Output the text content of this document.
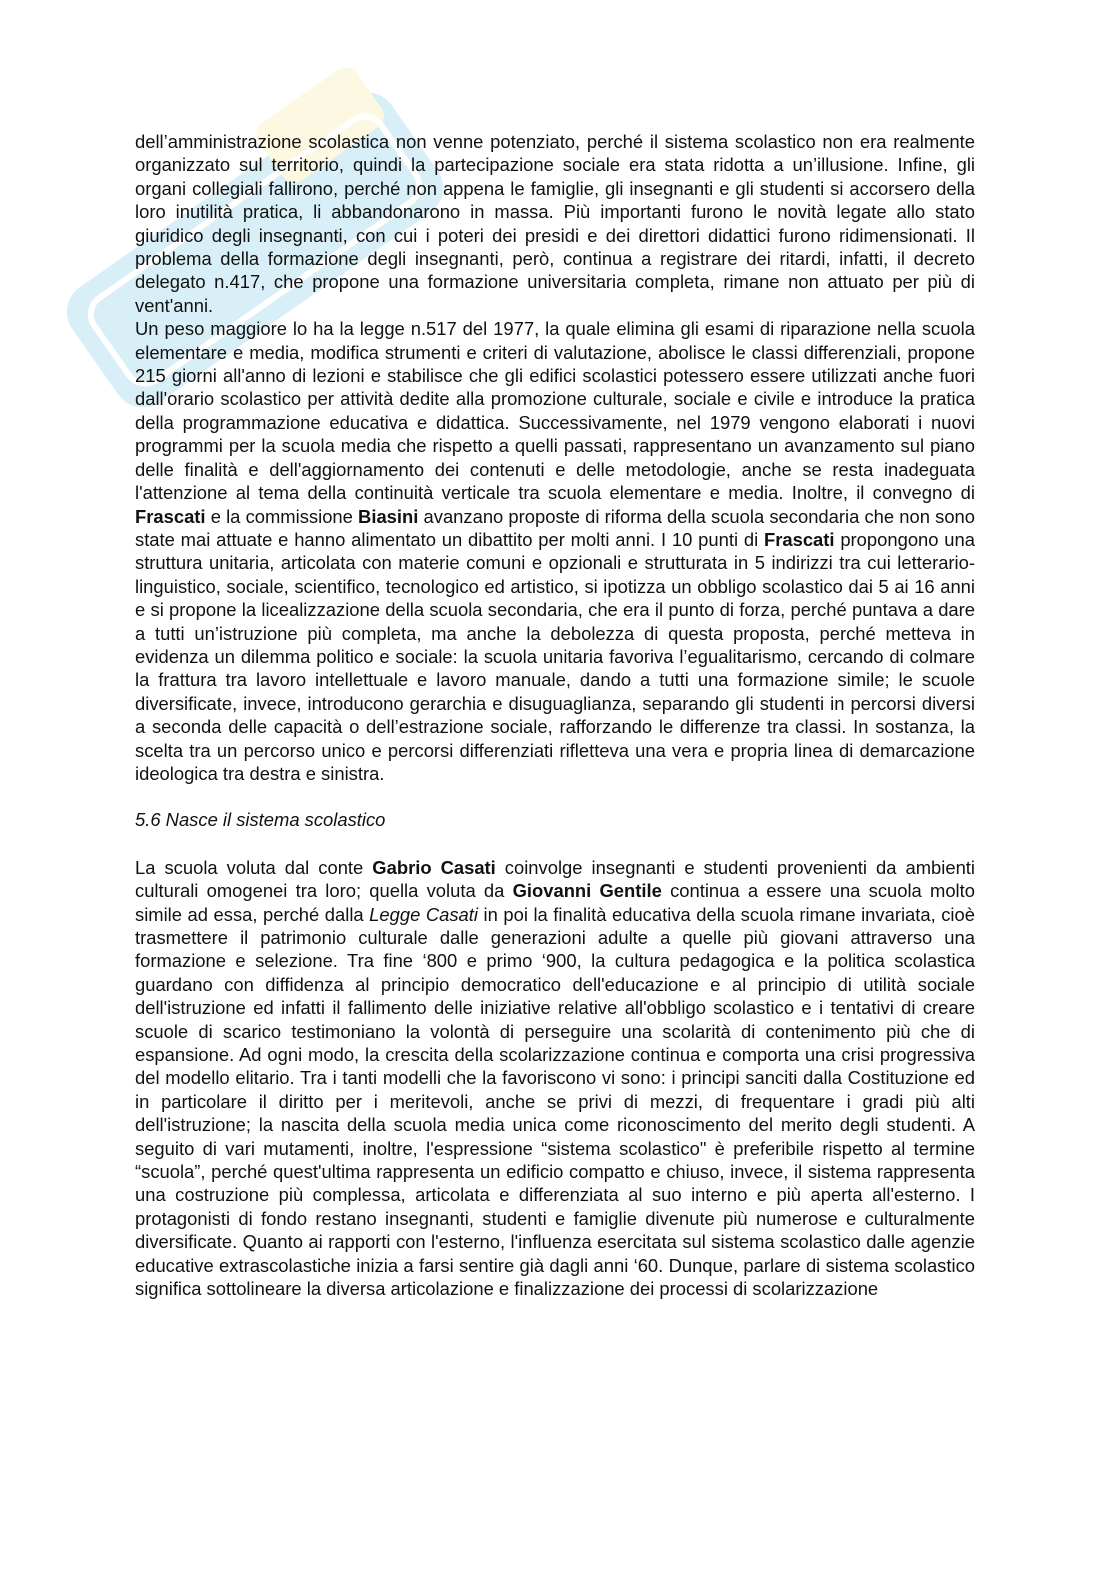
dell’amministrazione scolastica non venne potenziato, perché il sistema scolastico non era realmente organizzato sul territorio, quindi la partecipazione sociale era stata ridotta a un’illusione. Infine, gli organi collegiali fallirono, perché non appena le famiglie, gli insegnanti e gli studenti si accorsero della loro inutilità pratica, li abbandonarono in massa. Più importanti furono le novità legate allo stato giuridico degli insegnanti, con cui i poteri dei presidi e dei direttori didattici furono ridimensionati. Il problema della formazione degli insegnanti, però, continua a registrare dei ritardi, infatti, il decreto delegato n.417, che propone una formazione universitaria completa, rimane non attuato per più di vent'anni.

Un peso maggiore lo ha la legge n.517 del 1977, la quale elimina gli esami di riparazione nella scuola elementare e media, modifica strumenti e criteri di valutazione, abolisce le classi differenziali, propone 215 giorni all'anno di lezioni e stabilisce che gli edifici scolastici potessero essere utilizzati anche fuori dall'orario scolastico per attività dedite alla promozione culturale, sociale e civile e introduce la pratica della programmazione educativa e didattica. Successivamente, nel 1979 vengono elaborati i nuovi programmi per la scuola media che rispetto a quelli passati, rappresentano un avanzamento sul piano delle finalità e dell'aggiornamento dei contenuti e delle metodologie, anche se resta inadeguata l'attenzione al tema della continuità verticale tra scuola elementare e media. Inoltre, il convegno di Frascati e la commissione Biasini avanzano proposte di riforma della scuola secondaria che non sono state mai attuate e hanno alimentato un dibattito per molti anni. I 10 punti di Frascati propongono una struttura unitaria, articolata con materie comuni e opzionali e strutturata in 5 indirizzi tra cui letterario-linguistico, sociale, scientifico, tecnologico ed artistico, si ipotizza un obbligo scolastico dai 5 ai 16 anni e si propone la licealizzazione della scuola secondaria, che era il punto di forza, perché puntava a dare a tutti un’istruzione più completa, ma anche la debolezza di questa proposta, perché metteva in evidenza un dilemma politico e sociale: la scuola unitaria favoriva l’egualitarismo, cercando di colmare la frattura tra lavoro intellettuale e lavoro manuale, dando a tutti una formazione simile; le scuole diversificate, invece, introducono gerarchia e disuguaglianza, separando gli studenti in percorsi diversi a seconda delle capacità o dell’estrazione sociale, rafforzando le differenze tra classi. In sostanza, la scelta tra un percorso unico e percorsi differenziati rifletteva una vera e propria linea di demarcazione ideologica tra destra e sinistra.

5.6 Nasce il sistema scolastico

La scuola voluta dal conte Gabrio Casati coinvolge insegnanti e studenti provenienti da ambienti culturali omogenei tra loro; quella voluta da Giovanni Gentile continua a essere una scuola molto simile ad essa, perché dalla Legge Casati in poi la finalità educativa della scuola rimane invariata, cioè trasmettere il patrimonio culturale dalle generazioni adulte a quelle più giovani attraverso una formazione e selezione. Tra fine ‘800 e primo ‘900, la cultura pedagogica e la politica scolastica guardano con diffidenza al principio democratico dell'educazione e al principio di utilità sociale dell'istruzione ed infatti il fallimento delle iniziative relative all'obbligo scolastico e i tentativi di creare scuole di scarico testimoniano la volontà di perseguire una scolarità di contenimento più che di espansione. Ad ogni modo, la crescita della scolarizzazione continua e comporta una crisi progressiva del modello elitario. Tra i tanti modelli che la favoriscono vi sono: i principi sanciti dalla Costituzione ed in particolare il diritto per i meritevoli, anche se privi di mezzi, di frequentare i gradi più alti dell'istruzione; la nascita della scuola media unica come riconoscimento del merito degli studenti. A seguito di vari mutamenti, inoltre, l'espressione “sistema scolastico" è preferibile rispetto al termine “scuola”, perché quest'ultima rappresenta un edificio compatto e chiuso, invece, il sistema rappresenta una costruzione più complessa, articolata e differenziata al suo interno e più aperta all'esterno. I protagonisti di fondo restano insegnanti, studenti e famiglie divenute più numerose e culturalmente diversificate. Quanto ai rapporti con l'esterno, l'influenza esercitata sul sistema scolastico dalle agenzie educative extrascolastiche inizia a farsi sentire già dagli anni ‘60. Dunque, parlare di sistema scolastico significa sottolineare la diversa articolazione e finalizzazione dei processi di scolarizzazione
